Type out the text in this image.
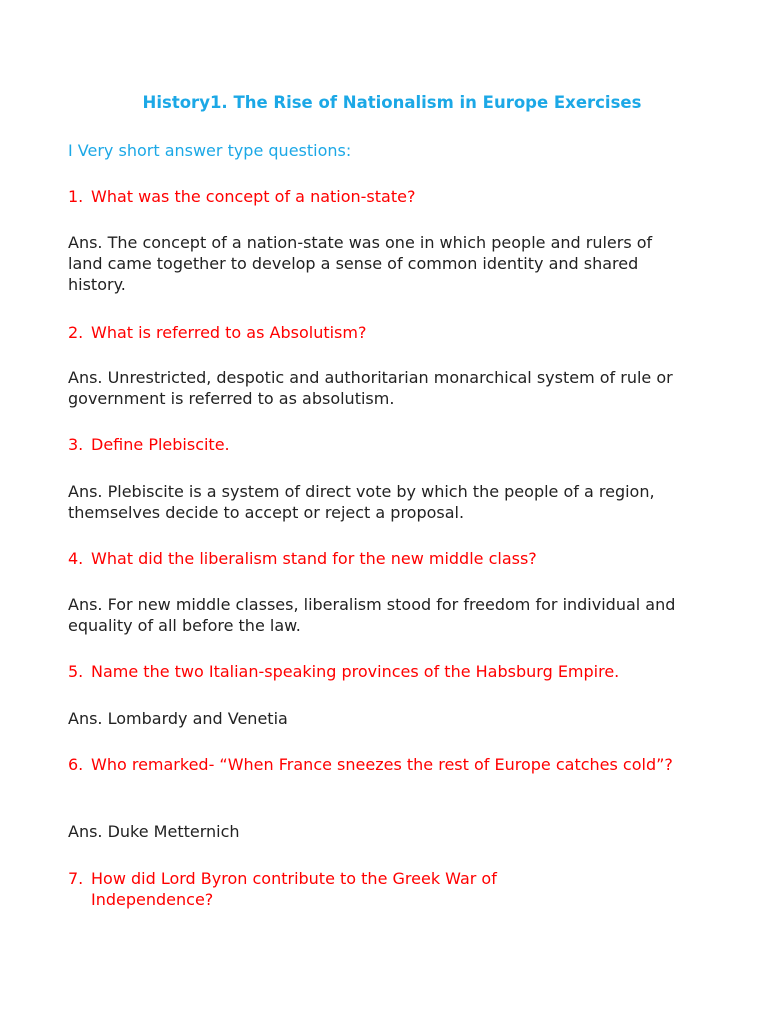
History1. The Rise of Nationalism in Europe Exercises
I Very short answer type questions:
1. What was the concept of a nation-state?

Ans. The concept of a nation-state was one in which people and rulers of land came together to develop a sense of common identity and shared history.

2. What is referred to as Absolutism?

Ans. Unrestricted, despotic and authoritarian monarchical system of rule or government is referred to as absolutism.

3. Define Plebiscite.

Ans. Plebiscite is a system of direct vote by which the people of a region, themselves decide to accept or reject a proposal.

4. What did the liberalism stand for the new middle class?

Ans. For new middle classes, liberalism stood for freedom for individual and equality of all before the law.

5. Name the two Italian-speaking provinces of the Habsburg Empire.

Ans. Lombardy and Venetia

6. Who remarked- “When France sneezes the rest of Europe catches cold”?

Ans. Duke Metternich

7. How did Lord Byron contribute to the Greek War of Independence?
